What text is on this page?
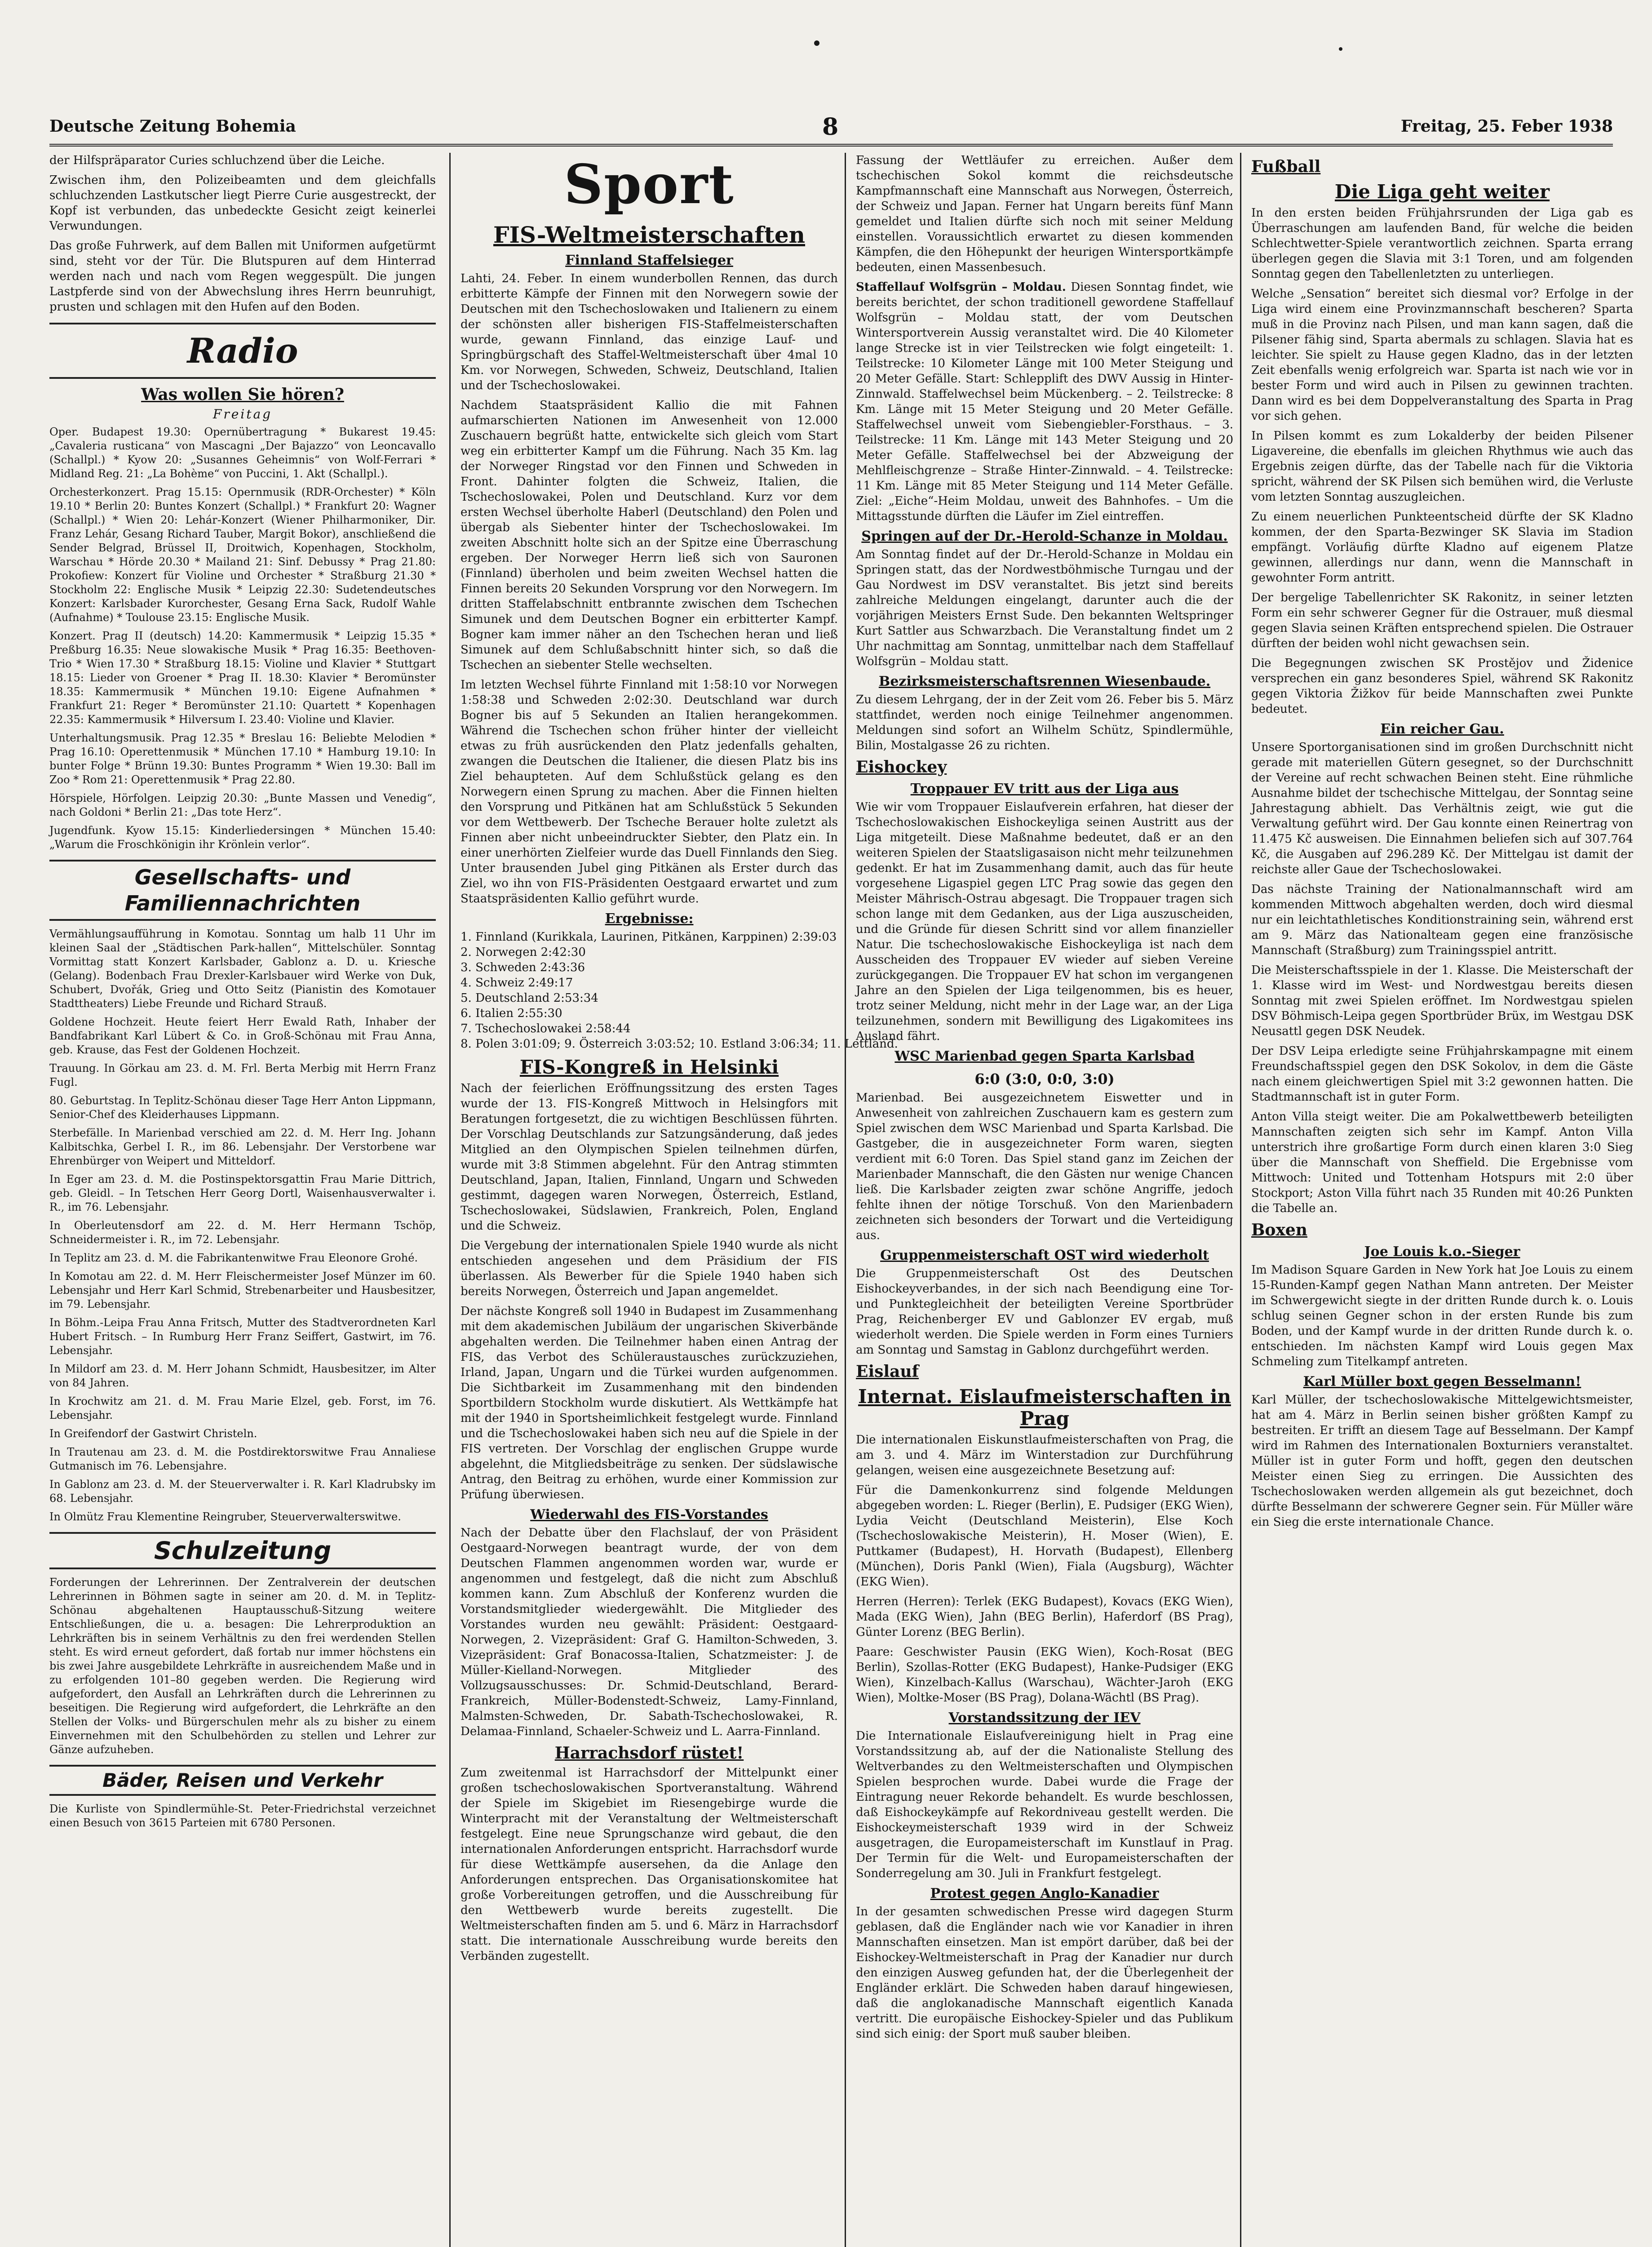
Deutsche Zeitung Bohemia	8	Freitag, 25. Feber 1938

der Hilfspräparator Curies schluchzend über die Leiche.

Zwischen ihm, den Polizeibeamten und dem gleichfalls schluchzenden Lastkutscher liegt Pierre Curie ausgestreckt, der Kopf ist verbunden, das unbedeckte Gesicht zeigt keinerlei Verwundungen.

Das große Fuhrwerk, auf dem Ballen mit Uniformen aufgetürmt sind, steht vor der Tür. Die Blutspuren auf dem Hinterrad werden nach und nach vom Regen weggespült. Die jungen Lastpferde sind von der Abwechslung ihres Herrn beunruhigt, prusten und schlagen mit den Hufen auf den Boden.

Radio
Was wollen Sie hören?
Freitag

Oper. Budapest 19.30: Opernübertragung * Bukarest 19.45: „Cavaleria rusticana“ von Mascagni „Der Bajazzo“ von Leoncavallo (Schallpl.) * Kyow 20: „Susannes Geheimnis“ von Wolf-Ferrari * Midland Reg. 21: „La Bohème“ von Puccini, 1. Akt (Schallpl.).

Orchesterkonzert. Prag 15.15: Opernmusik (RDR-Orchester) * Köln 19.10 * Berlin 20: Buntes Konzert (Schallpl.) * Frankfurt 20: Wagner (Schallpl.) * Wien 20: Lehár-Konzert (Wiener Philharmoniker, Dir. Franz Lehár, Gesang Richard Tauber, Margit Bokor), anschließend die Sender Belgrad, Brüssel II, Droitwich, Kopenhagen, Stockholm, Warschau * Hörde 20.30 * Mailand 21: Sinf. Debussy * Prag 21.80: Prokofiew: Konzert für Violine und Orchester * Straßburg 21.30 * Stockholm 22: Englische Musik * Leipzig 22.30: Sudetendeutsches Konzert: Karlsbader Kurorchester, Gesang Erna Sack, Rudolf Wahle (Aufnahme) * Toulouse 23.15: Englische Musik.

Konzert. Prag II (deutsch) 14.20: Kammermusik * Leipzig 15.35 * Preßburg 16.35: Neue slowakische Musik * Prag 16.35: Beethoven-Trio * Wien 17.30 * Straßburg 18.15: Violine und Klavier * Stuttgart 18.15: Lieder von Groener * Prag II. 18.30: Klavier * Beromünster 18.35: Kammermusik * München 19.10: Eigene Aufnahmen * Frankfurt 21: Reger * Beromünster 21.10: Quartett * Kopenhagen 22.35: Kammermusik * Hilversum I. 23.40: Violine und Klavier.

Unterhaltungsmusik. Prag 12.35 * Breslau 16: Beliebte Melodien * Prag 16.10: Operettenmusik * München 17.10 * Hamburg 19.10: In bunter Folge * Brünn 19.30: Buntes Programm * Wien 19.30: Ball im Zoo * Rom 21: Operettenmusik * Prag 22.80.

Hörspiele, Hörfolgen. Leipzig 20.30: „Bunte Massen und Venedig“, nach Goldoni * Berlin 21: „Das tote Herz“.

Jugendfunk. Kyow 15.15: Kinderliedersingen * München 15.40: „Warum die Froschkönigin ihr Krönlein verlor“.

Gesellschafts- und Familiennachrichten

Vermählungsaufführung in Komotau. Sonntag um halb 11 Uhr im kleinen Saal der „Städtischen Park-hallen“, Mittelschüler. Sonntag Vormittag statt Konzert Karlsbader, Gablonz a. D. u. Kriesche (Gelang). Bodenbach Frau Drexler-Karlsbauer wird Werke von Duk, Schubert, Dvořák, Grieg und Otto Seitz (Pianistin des Komotauer Stadttheaters) Liebe Freunde und Richard Strauß.

Goldene Hochzeit. Heute feiert Herr Ewald Rath, Inhaber der Bandfabrikant Karl Lübert & Co. in Groß-Schönau mit Frau Anna, geb. Krause, das Fest der Goldenen Hochzeit.

Trauung. In Görkau am 23. d. M. Frl. Berta Merbig mit Herrn Franz Fugl.

80. Geburtstag. In Teplitz-Schönau dieser Tage Herr Anton Lippmann, Senior-Chef des Kleiderhauses Lippmann.

Sterbefälle. In Marienbad verschied am 22. d. M. Herr Ing. Johann Kalbitschka, Gerbel I. R., im 86. Lebensjahr. Der Verstorbene war Ehrenbürger von Weipert und Mitteldorf.

In Eger am 23. d. M. die Postinspektorsgattin Frau Marie Dittrich, geb. Gleidl. – In Tetschen Herr Georg Dortl, Waisenhausverwalter i. R., im 76. Lebensjahr.

In Oberleutensdorf am 22. d. M. Herr Hermann Tschöp, Schneidermeister i. R., im 72. Lebensjahr.

In Teplitz am 23. d. M. die Fabrikantenwitwe Frau Eleonore Grohé.

In Komotau am 22. d. M. Herr Fleischermeister Josef Münzer im 60. Lebensjahr und Herr Karl Schmid, Strebenarbeiter und Hausbesitzer, im 79. Lebensjahr.

In Böhm.-Leipa Frau Anna Fritsch, Mutter des Stadtverordneten Karl Hubert Fritsch. – In Rumburg Herr Franz Seiffert, Gastwirt, im 76. Lebensjahr.

In Mildorf am 23. d. M. Herr Johann Schmidt, Hausbesitzer, im Alter von 84 Jahren.

In Krochwitz am 21. d. M. Frau Marie Elzel, geb. Forst, im 76. Lebensjahr.

In Greifendorf der Gastwirt Christeln.

In Trautenau am 23. d. M. die Postdirektorswitwe Frau Annaliese Gutmanisch im 76. Lebensjahre.

In Gablonz am 23. d. M. der Steuerverwalter i. R. Karl Kladrubsky im 68. Lebensjahr.

In Olmütz Frau Klementine Reingruber, Steuerverwalterswitwe.

Schulzeitung

Forderungen der Lehrerinnen. Der Zentralverein der deutschen Lehrerinnen in Böhmen sagte in seiner am 20. d. M. in Teplitz-Schönau abgehaltenen Hauptausschuß-Sitzung weitere Entschließungen, die u. a. besagen: Die Lehrerproduktion an Lehrkräften bis in seinem Verhältnis zu den frei werdenden Stellen steht. Es wird erneut gefordert, daß fortab nur immer höchstens ein bis zwei Jahre ausgebildete Lehrkräfte in ausreichendem Maße und in zu erfolgenden 101–80 gegeben werden. Die Regierung wird aufgefordert, den Ausfall an Lehrkräften durch die Lehrerinnen zu beseitigen. Die Regierung wird aufgefordert, die Lehrkräfte an den Stellen der Volks- und Bürgerschulen mehr als zu bisher zu einem Einvernehmen mit den Schulbehörden zu stellen und Lehrer zur Gänze aufzuheben.

Bäder, Reisen und Verkehr

Die Kurliste von Spindlermühle-St. Peter-Friedrichstal verzeichnet einen Besuch von 3615 Parteien mit 6780 Personen.

Sport
FIS-Weltmeisterschaften
Finnland Staffelsieger

Lahti, 24. Feber. In einem wunderbollen Rennen, das durch erbitterte Kämpfe der Finnen mit den Norwegern sowie der Deutschen mit den Tschechoslowaken und Italienern zu einem der schönsten aller bisherigen FIS-Staffelmeisterschaften wurde, gewann Finnland, das einzige Lauf- und Springbürgschaft des Staffel-Weltmeisterschaft über 4mal 10 Km. vor Norwegen, Schweden, Schweiz, Deutschland, Italien und der Tschechoslowakei.

Nachdem Staatspräsident Kallio die mit Fahnen aufmarschierten Nationen im Anwesenheit von 12.000 Zuschauern begrüßt hatte, entwickelte sich gleich vom Start weg ein erbitterter Kampf um die Führung. Nach 35 Km. lag der Norweger Ringstad vor den Finnen und Schweden in Front. Dahinter folgten die Schweiz, Italien, die Tschechoslowakei, Polen und Deutschland. Kurz vor dem ersten Wechsel überholte Haberl (Deutschland) den Polen und übergab als Siebenter hinter der Tschechoslowakei. Im zweiten Abschnitt holte sich an der Spitze eine Überraschung ergeben. Der Norweger Herrn ließ sich von Sauronen (Finnland) überholen und beim zweiten Wechsel hatten die Finnen bereits 20 Sekunden Vorsprung vor den Norwegern. Im dritten Staffelabschnitt entbrannte zwischen dem Tschechen Simunek und dem Deutschen Bogner ein erbitterter Kampf. Bogner kam immer näher an den Tschechen heran und ließ Simunek auf dem Schlußabschnitt hinter sich, so daß die Tschechen an siebenter Stelle wechselten.

Im letzten Wechsel führte Finnland mit 1:58:10 vor Norwegen 1:58:38 und Schweden 2:02:30. Deutschland war durch Bogner bis auf 5 Sekunden an Italien herangekommen. Während die Tschechen schon früher hinter der vielleicht etwas zu früh ausrückenden den Platz jedenfalls gehalten, zwangen die Deutschen die Italiener, die diesen Platz bis ins Ziel behaupteten. Auf dem Schlußstück gelang es den Norwegern einen Sprung zu machen. Aber die Finnen hielten den Vorsprung und Pitkänen hat am Schlußstück 5 Sekunden vor dem Wettbewerb. Der Tscheche Berauer holte zuletzt als Finnen aber nicht unbeeindruckter Siebter, den Platz ein. In einer unerhörten Zielfeier wurde das Duell Finnlands den Sieg. Unter brausenden Jubel ging Pitkänen als Erster durch das Ziel, wo ihn von FIS-Präsidenten Oestgaard erwartet und zum Staatspräsidenten Kallio geführt wurde.

Ergebnisse:
1. Finnland (Kurikkala, Laurinen, Pitkänen, Karppinen) 2:39:03
2. Norwegen 2:42:30
3. Schweden 2:43:36
4. Schweiz 2:49:17
5. Deutschland 2:53:34
6. Italien 2:55:30
7. Tschechoslowakei 2:58:44
8. Polen 3:01:09; 9. Österreich 3:03:52; 10. Estland 3:06:34; 11. Lettland.
FIS-Kongreß in Helsinki

Nach der feierlichen Eröffnungssitzung des ersten Tages wurde der 13. FIS-Kongreß Mittwoch in Helsingfors mit Beratungen fortgesetzt, die zu wichtigen Beschlüssen führten. Der Vorschlag Deutschlands zur Satzungsänderung, daß jedes Mitglied an den Olympischen Spielen teilnehmen dürfen, wurde mit 3:8 Stimmen abgelehnt. Für den Antrag stimmten Deutschland, Japan, Italien, Finnland, Ungarn und Schweden gestimmt, dagegen waren Norwegen, Österreich, Estland, Tschechoslowakei, Südslawien, Frankreich, Polen, England und die Schweiz.

Die Vergebung der internationalen Spiele 1940 wurde als nicht entschieden angesehen und dem Präsidium der FIS überlassen. Als Bewerber für die Spiele 1940 haben sich bereits Norwegen, Österreich und Japan angemeldet.

Der nächste Kongreß soll 1940 in Budapest im Zusammenhang mit dem akademischen Jubiläum der ungarischen Skiverbände abgehalten werden. Die Teilnehmer haben einen Antrag der FIS, das Verbot des Schüleraustausches zurückzuziehen, Irland, Japan, Ungarn und die Türkei wurden aufgenommen. Die Sichtbarkeit im Zusammenhang mit den bindenden Sportbildern Stockholm wurde diskutiert. Als Wettkämpfe hat mit der 1940 in Sportsheimlichkeit festgelegt wurde. Finnland und die Tschechoslowakei haben sich neu auf die Spiele in der FIS vertreten. Der Vorschlag der englischen Gruppe wurde abgelehnt, die Mitgliedsbeiträge zu senken. Der südslawische Antrag, den Beitrag zu erhöhen, wurde einer Kommission zur Prüfung überwiesen.

Wiederwahl des FIS-Vorstandes

Nach der Debatte über den Flachslauf, der von Präsident Oestgaard-Norwegen beantragt wurde, der von dem Deutschen Flammen angenommen worden war, wurde er angenommen und festgelegt, daß die nicht zum Abschluß kommen kann. Zum Abschluß der Konferenz wurden die Vorstandsmitglieder wiedergewählt. Die Mitglieder des Vorstandes wurden neu gewählt: Präsident: Oestgaard-Norwegen, 2. Vizepräsident: Graf G. Hamilton-Schweden, 3. Vizepräsident: Graf Bonacossa-Italien, Schatzmeister: J. de Müller-Kielland-Norwegen. Mitglieder des Vollzugsausschusses: Dr. Schmid-Deutschland, Berard-Frankreich, Müller-Bodenstedt-Schweiz, Lamy-Finnland, Malmsten-Schweden, Dr. Sabath-Tschechoslowakei, R. Delamaa-Finnland, Schaeler-Schweiz und L. Aarra-Finnland.

Harrachsdorf rüstet!

Zum zweitenmal ist Harrachsdorf der Mittelpunkt einer großen tschechoslowakischen Sportveranstaltung. Während der Spiele im Skigebiet im Riesengebirge wurde die Winterpracht mit der Veranstaltung der Weltmeisterschaft festgelegt. Eine neue Sprungschanze wird gebaut, die den internationalen Anforderungen entspricht. Harrachsdorf wurde für diese Wettkämpfe ausersehen, da die Anlage den Anforderungen entsprechen. Das Organisationskomitee hat große Vorbereitungen getroffen, und die Ausschreibung für den Wettbewerb wurde bereits zugestellt. Die Weltmeisterschaften finden am 5. und 6. März in Harrachsdorf statt. Die internationale Ausschreibung wurde bereits den Verbänden zugestellt.

Fassung der Wettläufer zu erreichen. Außer dem tschechischen Sokol kommt die reichsdeutsche Kampfmannschaft eine Mannschaft aus Norwegen, Österreich, der Schweiz und Japan. Ferner hat Ungarn bereits fünf Mann gemeldet und Italien dürfte sich noch mit seiner Meldung einstellen. Voraussichtlich erwartet zu diesen kommenden Kämpfen, die den Höhepunkt der heurigen Wintersportkämpfe bedeuten, einen Massenbesuch.

Staffellauf Wolfsgrün – Moldau. Diesen Sonntag findet, wie bereits berichtet, der schon traditionell gewordene Staffellauf Wolfsgrün – Moldau statt, der vom Deutschen Wintersportverein Aussig veranstaltet wird. Die 40 Kilometer lange Strecke ist in vier Teilstrecken wie folgt eingeteilt: 1. Teilstrecke: 10 Kilometer Länge mit 100 Meter Steigung und 20 Meter Gefälle. Start: Schlepplift des DWV Aussig in Hinter-Zinnwald. Staffelwechsel beim Mückenberg. – 2. Teilstrecke: 8 Km. Länge mit 15 Meter Steigung und 20 Meter Gefälle. Staffelwechsel unweit vom Siebengiebler-Forsthaus. – 3. Teilstrecke: 11 Km. Länge mit 143 Meter Steigung und 20 Meter Gefälle. Staffelwechsel bei der Abzweigung der Mehlfleischgrenze – Straße Hinter-Zinnwald. – 4. Teilstrecke: 11 Km. Länge mit 85 Meter Steigung und 114 Meter Gefälle. Ziel: „Eiche“-Heim Moldau, unweit des Bahnhofes. – Um die Mittagsstunde dürften die Läufer im Ziel eintreffen.

Springen auf der Dr.-Herold-Schanze in Moldau.

Am Sonntag findet auf der Dr.-Herold-Schanze in Moldau ein Springen statt, das der Nordwestböhmische Turngau und der Gau Nordwest im DSV veranstaltet. Bis jetzt sind bereits zahlreiche Meldungen eingelangt, darunter auch die der vorjährigen Meisters Ernst Sude. Den bekannten Weltspringer Kurt Sattler aus Schwarzbach. Die Veranstaltung findet um 2 Uhr nachmittag am Sonntag, unmittelbar nach dem Staffellauf Wolfsgrün – Moldau statt.

Bezirksmeisterschaftsrennen Wiesenbaude.

Zu diesem Lehrgang, der in der Zeit vom 26. Feber bis 5. März stattfindet, werden noch einige Teilnehmer angenommen. Meldungen sind sofort an Wilhelm Schütz, Spindlermühle, Bilin, Mostalgasse 26 zu richten.

Eishockey
Troppauer EV tritt aus der Liga aus

Wie wir vom Troppauer Eislaufverein erfahren, hat dieser der Tschechoslowakischen Eishockeyliga seinen Austritt aus der Liga mitgeteilt. Diese Maßnahme bedeutet, daß er an den weiteren Spielen der Staatsligasaison nicht mehr teilzunehmen gedenkt. Er hat im Zusammenhang damit, auch das für heute vorgesehene Ligaspiel gegen LTC Prag sowie das gegen den Meister Mährisch-Ostrau abgesagt. Die Troppauer tragen sich schon lange mit dem Gedanken, aus der Liga auszuscheiden, und die Gründe für diesen Schritt sind vor allem finanzieller Natur. Die tschechoslowakische Eishockeyliga ist nach dem Ausscheiden des Troppauer EV wieder auf sieben Vereine zurückgegangen. Die Troppauer EV hat schon im vergangenen Jahre an den Spielen der Liga teilgenommen, bis es heuer, trotz seiner Meldung, nicht mehr in der Lage war, an der Liga teilzunehmen, sondern mit Bewilligung des Ligakomitees ins Ausland fährt.

WSC Marienbad gegen Sparta Karlsbad
6:0 (3:0, 0:0, 3:0)

Marienbad. Bei ausgezeichnetem Eiswetter und in Anwesenheit von zahlreichen Zuschauern kam es gestern zum Spiel zwischen dem WSC Marienbad und Sparta Karlsbad. Die Gastgeber, die in ausgezeichneter Form waren, siegten verdient mit 6:0 Toren. Das Spiel stand ganz im Zeichen der Marienbader Mannschaft, die den Gästen nur wenige Chancen ließ. Die Karlsbader zeigten zwar schöne Angriffe, jedoch fehlte ihnen der nötige Torschuß. Von den Marienbadern zeichneten sich besonders der Torwart und die Verteidigung aus.

Gruppenmeisterschaft OST wird wiederholt

Die Gruppenmeisterschaft Ost des Deutschen Eishockeyverbandes, in der sich nach Beendigung eine Tor- und Punktegleichheit der beteiligten Vereine Sportbrüder Prag, Reichenberger EV und Gablonzer EV ergab, muß wiederholt werden. Die Spiele werden in Form eines Turniers am Sonntag und Samstag in Gablonz durchgeführt werden.

Eislauf
Internat. Eislaufmeisterschaften in Prag

Die internationalen Eiskunstlaufmeisterschaften von Prag, die am 3. und 4. März im Winterstadion zur Durchführung gelangen, weisen eine ausgezeichnete Besetzung auf:

Für die Damenkonkurrenz sind folgende Meldungen abgegeben worden: L. Rieger (Berlin), E. Pudsiger (EKG Wien), Lydia Veicht (Deutschland Meisterin), Else Koch (Tschechoslowakische Meisterin), H. Moser (Wien), E. Puttkamer (Budapest), H. Horvath (Budapest), Ellenberg (München), Doris Pankl (Wien), Fiala (Augsburg), Wächter (EKG Wien).

Herren (Herren): Terlek (EKG Budapest), Kovacs (EKG Wien), Mada (EKG Wien), Jahn (BEG Berlin), Haferdorf (BS Prag), Günter Lorenz (BEG Berlin).

Paare: Geschwister Pausin (EKG Wien), Koch-Rosat (BEG Berlin), Szollas-Rotter (EKG Budapest), Hanke-Pudsiger (EKG Wien), Kinzelbach-Kallus (Warschau), Wächter-Jaroh (EKG Wien), Moltke-Moser (BS Prag), Dolana-Wächtl (BS Prag).

Vorstandssitzung der IEV

Die Internationale Eislaufvereinigung hielt in Prag eine Vorstandssitzung ab, auf der die Nationaliste Stellung des Weltverbandes zu den Weltmeisterschaften und Olympischen Spielen besprochen wurde. Dabei wurde die Frage der Eintragung neuer Rekorde behandelt. Es wurde beschlossen, daß Eishockeykämpfe auf Rekordniveau gestellt werden. Die Eishockeymeisterschaft 1939 wird in der Schweiz ausgetragen, die Europameisterschaft im Kunstlauf in Prag. Der Termin für die Welt- und Europameisterschaften der Sonderregelung am 30. Juli in Frankfurt festgelegt.

Protest gegen Anglo-Kanadier

In der gesamten schwedischen Presse wird dagegen Sturm geblasen, daß die Engländer nach wie vor Kanadier in ihren Mannschaften einsetzen. Man ist empört darüber, daß bei der Eishockey-Weltmeisterschaft in Prag der Kanadier nur durch den einzigen Ausweg gefunden hat, der die Überlegenheit der Engländer erklärt. Die Schweden haben darauf hingewiesen, daß die anglokanadische Mannschaft eigentlich Kanada vertritt. Die europäische Eishockey-Spieler und das Publikum sind sich einig: der Sport muß sauber bleiben.

Fußball
Die Liga geht weiter

In den ersten beiden Frühjahrsrunden der Liga gab es Überraschungen am laufenden Band, für welche die beiden Schlechtwetter-Spiele verantwortlich zeichnen. Sparta errang überlegen gegen die Slavia mit 3:1 Toren, und am folgenden Sonntag gegen den Tabellenletzten zu unterliegen.

Welche „Sensation“ bereitet sich diesmal vor? Erfolge in der Liga wird einem eine Provinzmannschaft bescheren? Sparta muß in die Provinz nach Pilsen, und man kann sagen, daß die Pilsener fähig sind, Sparta abermals zu schlagen. Slavia hat es leichter. Sie spielt zu Hause gegen Kladno, das in der letzten Zeit ebenfalls wenig erfolgreich war. Sparta ist nach wie vor in bester Form und wird auch in Pilsen zu gewinnen trachten. Dann wird es bei dem Doppelveranstaltung des Sparta in Prag vor sich gehen.

In Pilsen kommt es zum Lokalderby der beiden Pilsener Ligavereine, die ebenfalls im gleichen Rhythmus wie auch das Ergebnis zeigen dürfte, das der Tabelle nach für die Viktoria spricht, während der SK Pilsen sich bemühen wird, die Verluste vom letzten Sonntag auszugleichen.

Zu einem neuerlichen Punkteentscheid dürfte der SK Kladno kommen, der den Sparta-Bezwinger SK Slavia im Stadion empfängt. Vorläufig dürfte Kladno auf eigenem Platze gewinnen, allerdings nur dann, wenn die Mannschaft in gewohnter Form antritt.

Der bergelige Tabellenrichter SK Rakonitz, in seiner letzten Form ein sehr schwerer Gegner für die Ostrauer, muß diesmal gegen Slavia seinen Kräften entsprechend spielen. Die Ostrauer dürften der beiden wohl nicht gewachsen sein.

Die Begegnungen zwischen SK Prostějov und Židenice versprechen ein ganz besonderes Spiel, während SK Rakonitz gegen Viktoria Žižkov für beide Mannschaften zwei Punkte bedeutet.

Ein reicher Gau.

Unsere Sportorganisationen sind im großen Durchschnitt nicht gerade mit materiellen Gütern gesegnet, so der Durchschnitt der Vereine auf recht schwachen Beinen steht. Eine rühmliche Ausnahme bildet der tschechische Mittelgau, der Sonntag seine Jahrestagung abhielt. Das Verhältnis zeigt, wie gut die Verwaltung geführt wird. Der Gau konnte einen Reinertrag von 11.475 Kč ausweisen. Die Einnahmen beliefen sich auf 307.764 Kč, die Ausgaben auf 296.289 Kč. Der Mittelgau ist damit der reichste aller Gaue der Tschechoslowakei.

Das nächste Training der Nationalmannschaft wird am kommenden Mittwoch abgehalten werden, doch wird diesmal nur ein leichtathletisches Konditionstraining sein, während erst am 9. März das Nationalteam gegen eine französische Mannschaft (Straßburg) zum Trainingsspiel antritt.

Die Meisterschaftsspiele in der 1. Klasse. Die Meisterschaft der 1. Klasse wird im West- und Nordwestgau bereits diesen Sonntag mit zwei Spielen eröffnet. Im Nordwestgau spielen DSV Böhmisch-Leipa gegen Sportbrüder Brüx, im Westgau DSK Neusattl gegen DSK Neudek.

Der DSV Leipa erledigte seine Frühjahrskampagne mit einem Freundschaftsspiel gegen den DSK Sokolov, in dem die Gäste nach einem gleichwertigen Spiel mit 3:2 gewonnen hatten. Die Stadtmannschaft ist in guter Form.

Anton Villa steigt weiter. Die am Pokalwettbewerb beteiligten Mannschaften zeigten sich sehr im Kampf. Anton Villa unterstrich ihre großartige Form durch einen klaren 3:0 Sieg über die Mannschaft von Sheffield. Die Ergebnisse vom Mittwoch: United und Tottenham Hotspurs mit 2:0 über Stockport; Aston Villa führt nach 35 Runden mit 40:26 Punkten die Tabelle an.

Boxen
Joe Louis k.o.-Sieger

Im Madison Square Garden in New York hat Joe Louis zu einem 15-Runden-Kampf gegen Nathan Mann antreten. Der Meister im Schwergewicht siegte in der dritten Runde durch k. o. Louis schlug seinen Gegner schon in der ersten Runde bis zum Boden, und der Kampf wurde in der dritten Runde durch k. o. entschieden. Im nächsten Kampf wird Louis gegen Max Schmeling zum Titelkampf antreten.

Karl Müller boxt gegen Besselmann!

Karl Müller, der tschechoslowakische Mittelgewichtsmeister, hat am 4. März in Berlin seinen bisher größten Kampf zu bestreiten. Er trifft an diesem Tage auf Besselmann. Der Kampf wird im Rahmen des Internationalen Boxturniers veranstaltet. Müller ist in guter Form und hofft, gegen den deutschen Meister einen Sieg zu erringen. Die Aussichten des Tschechoslowaken werden allgemein als gut bezeichnet, doch dürfte Besselmann der schwerere Gegner sein. Für Müller wäre ein Sieg die erste internationale Chance.
